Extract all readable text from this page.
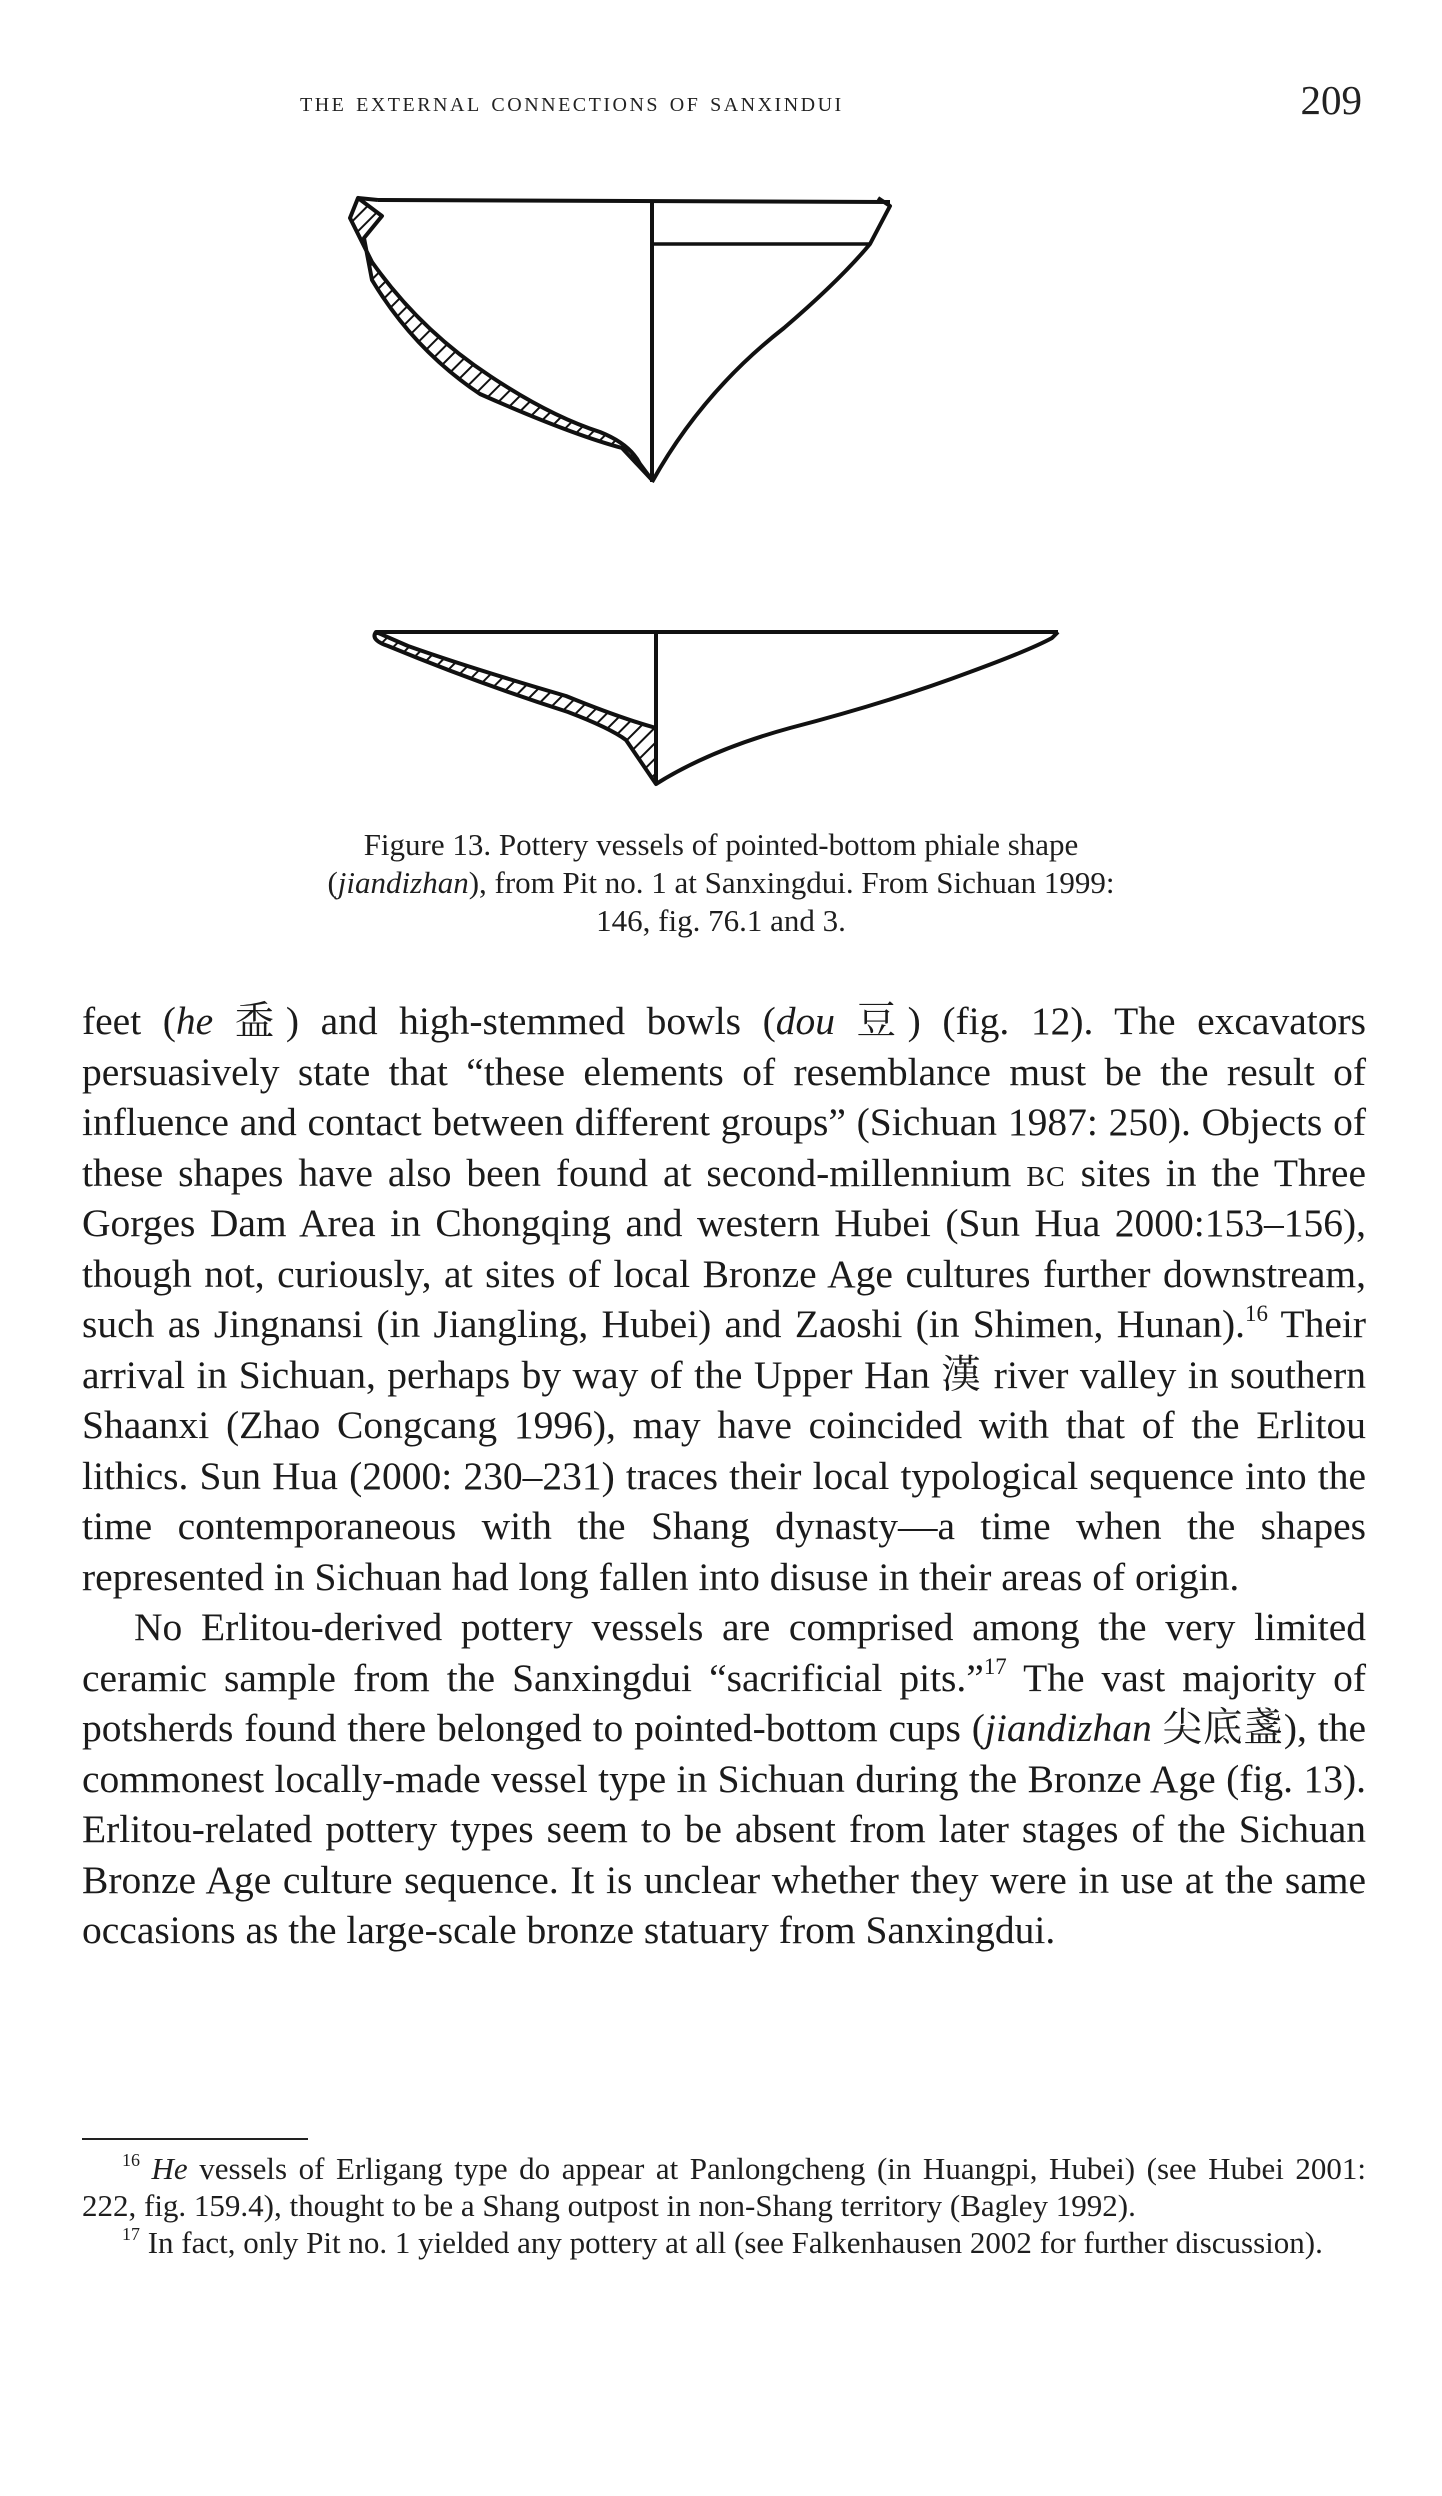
the external connections of sanxindui	209
Figure 13. Pottery vessels of pointed-bottom phiale shape (jiandizhan), from Pit no. 1 at Sanxingdui. From Sichuan 1999: 146, fig. 76.1 and 3.

feet (he 盉) and high-stemmed bowls (dou 豆) (fig. 12). The excavators persuasively state that “these elements of resemblance must be the result of influence and contact between different groups” (Sichuan 1987: 250). Objects of these shapes have also been found at second-millennium bc sites in the Three Gorges Dam Area in Chongqing and western Hubei (Sun Hua 2000:153–156), though not, curiously, at sites of local Bronze Age cultures further downstream, such as Jingnansi (in Jiangling, Hubei) and Zaoshi (in Shimen, Hunan).$^{16}$ Their arrival in Sichuan, perhaps by way of the Upper Han 漢 river valley in southern Shaanxi (Zhao Congcang 1996), may have coincided with that of the Erlitou lithics. Sun Hua (2000: 230–231) traces their local typological sequence into the time contemporaneous with the Shang dynasty—a time when the shapes represented in Sichuan had long fallen into disuse in their areas of origin.

No Erlitou-derived pottery vessels are comprised among the very limited ceramic sample from the Sanxingdui “sacrificial pits.”$^{17}$ The vast majority of potsherds found there belonged to pointed-bottom cups (jiandizhan 尖底盞), the commonest locally-made vessel type in Sichuan during the Bronze Age (fig. 13). Erlitou-related pottery types seem to be absent from later stages of the Sichuan Bronze Age culture sequence. It is unclear whether they were in use at the same occasions as the large-scale bronze statuary from Sanxingdui.

$^{16}$ He vessels of Erligang type do appear at Panlongcheng (in Huangpi, Hubei) (see Hubei 2001: 222, fig. 159.4), thought to be a Shang outpost in non-Shang territory (Bagley 1992).

$^{17}$ In fact, only Pit no. 1 yielded any pottery at all (see Falkenhausen 2002 for further discussion).
